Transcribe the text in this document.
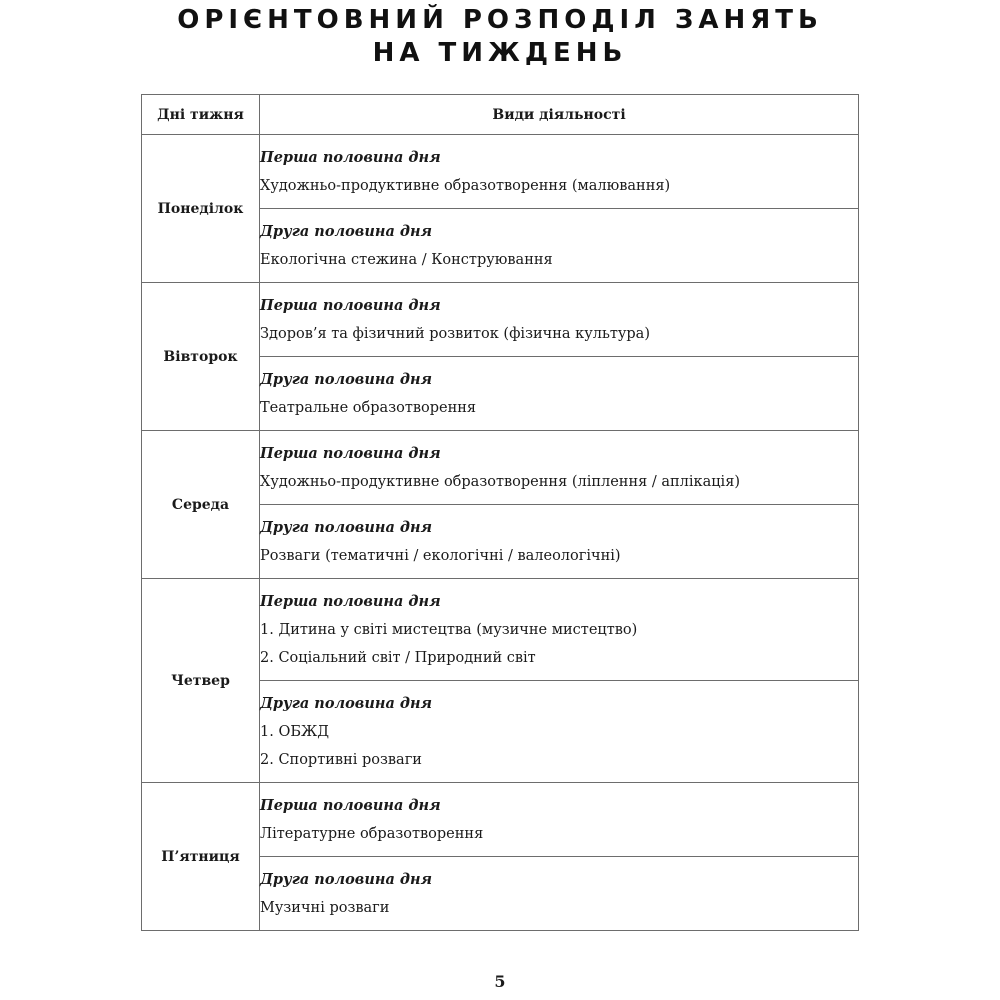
ОРІЄНТОВНИЙ РОЗПОДІЛ ЗАНЯТЬ
НА ТИЖДЕНЬ
Дні тижня	Види діяльності
Понеділок	Перша половина дня
Художньо-продуктивне образотворення (малювання)

	Друга половина дня
Екологічна стежина / Конструювання

Вівторок	Перша половина дня
Здоров’я та фізичний розвиток (фізична культура)

	Друга половина дня
Театральне образотворення

Середа	Перша половина дня
Художньо-продуктивне образотворення (ліплення / аплікація)

	Друга половина дня
Розваги (тематичні / екологічні / валеологічні)

Четвер	Перша половина дня
1. Дитина у світі мистецтва (музичне мистецтво)
2. Соціальний світ / Природний світ

	Друга половина дня
1. ОБЖД
2. Спортивні розваги

П’ятниця	Перша половина дня
Літературне образотворення

	Друга половина дня
Музичні розваги
5
